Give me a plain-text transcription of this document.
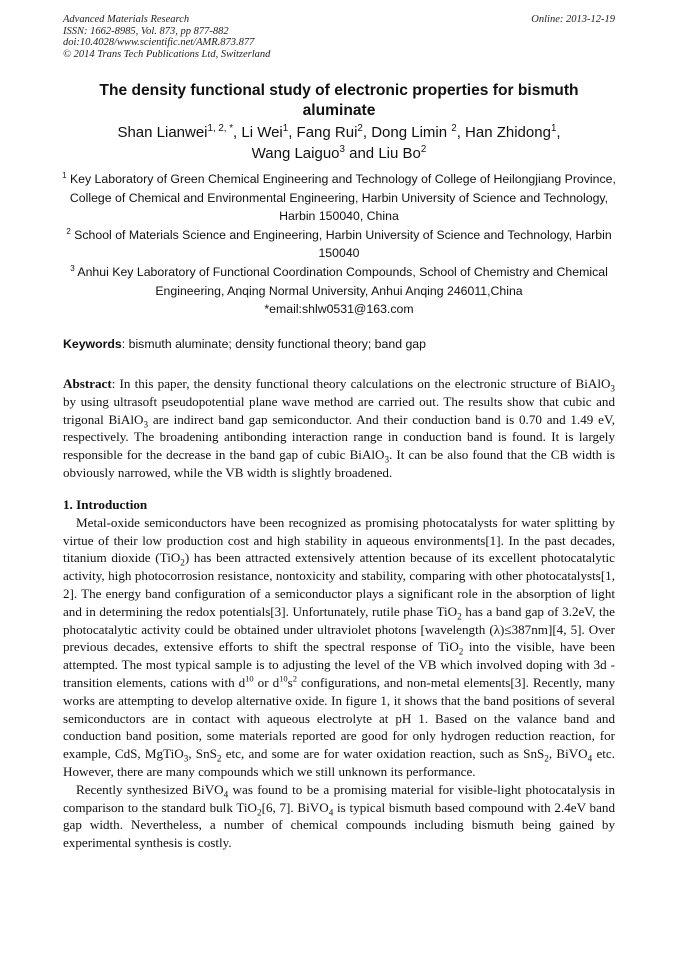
Advanced Materials Research
ISSN: 1662-8985, Vol. 873, pp 877-882
doi:10.4028/www.scientific.net/AMR.873.877
© 2014 Trans Tech Publications Ltd, Switzerland
Online: 2013-12-19
The density functional study of electronic properties for bismuth aluminate
Shan Lianwei$^{1, 2, *}$, Li Wei$^1$, Fang Rui$^2$, Dong Limin $^2$, Han Zhidong$^1$,
Wang Laiguo$^3$ and Liu Bo$^2$
$^1$ Key Laboratory of Green Chemical Engineering and Technology of College of Heilongjiang Province, College of Chemical and Environmental Engineering, Harbin University of Science and Technology, Harbin 150040, China
$^2$ School of Materials Science and Engineering, Harbin University of Science and Technology, Harbin 150040
$^3$ Anhui Key Laboratory of Functional Coordination Compounds, School of Chemistry and Chemical Engineering, Anqing Normal University, Anhui Anqing 246011,China
*email:shlw0531@163.com
Keywords: bismuth aluminate; density functional theory; band gap
Abstract: In this paper, the density functional theory calculations on the electronic structure of BiAlO$_3$ by using ultrasoft pseudopotential plane wave method are carried out. The results show that cubic and trigonal BiAlO$_3$ are indirect band gap semiconductor. And their conduction band is 0.70 and 1.49 eV, respectively. The broadening antibonding interaction range in conduction band is found. It is largely responsible for the decrease in the band gap of cubic BiAlO$_3$. It can be also found that the CB width is obviously narrowed, while the VB width is slightly broadened.
1. Introduction

Metal-oxide semiconductors have been recognized as promising photocatalysts for water splitting by virtue of their low production cost and high stability in aqueous environments[1]. In the past decades, titanium dioxide (TiO$_2$) has been attracted extensively attention because of its excellent photocatalytic activity, high photocorrosion resistance, nontoxicity and stability, comparing with other photocatalysts[1, 2]. The energy band configuration of a semiconductor plays a significant role in the absorption of light and in determining the redox potentials[3]. Unfortunately, rutile phase TiO$_2$ has a band gap of 3.2eV, the photocatalytic activity could be obtained under ultraviolet photons [wavelength (λ)≤387nm][4, 5]. Over previous decades, extensive efforts to shift the spectral response of TiO$_2$ into the visible, have been attempted. The most typical sample is to adjusting the level of the VB which involved doping with 3d -transition elements, cations with $d^{10}$ or $d^{10}s^2$ configurations, and non-metal elements[3]. Recently, many works are attempting to develop alternative oxide. In figure 1, it shows that the band positions of several semiconductors are in contact with aqueous electrolyte at pH 1. Based on the valance band and conduction band position, some materials reported are good for only hydrogen reduction reaction, for example, CdS, MgTiO$_3$, SnS$_2$ etc, and some are for water oxidation reaction, such as SnS$_2$, BiVO$_4$ etc. However, there are many compounds which we still unknown its performance.

Recently synthesized BiVO$_4$ was found to be a promising material for visible-light photocatalysis in comparison to the standard bulk TiO$_2$[6, 7]. BiVO$_4$ is typical bismuth based compound with 2.4eV band gap width. Nevertheless, a number of chemical compounds including bismuth being gained by experimental synthesis is costly.
